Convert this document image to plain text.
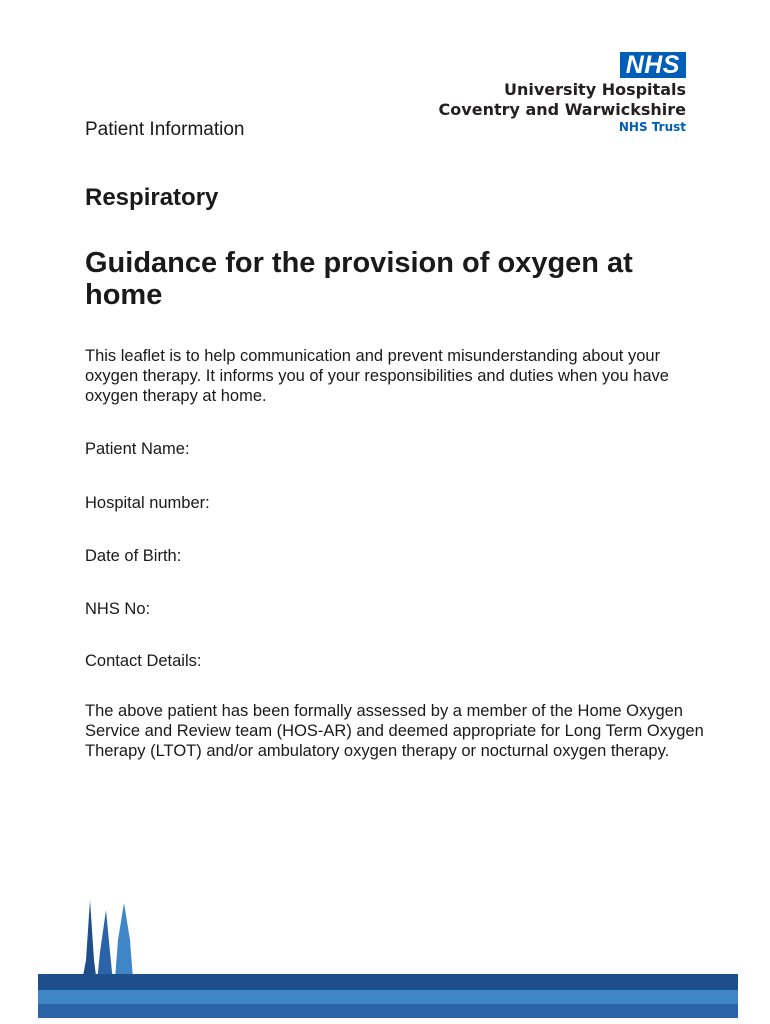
NHS
University Hospitals
Coventry and Warwickshire
NHS Trust
Patient Information
Respiratory
Guidance for the provision of oxygen at home
This leaflet is to help communication and prevent misunderstanding about your oxygen therapy. It informs you of your responsibilities and duties when you have oxygen therapy at home.
Patient Name:
Hospital number:
Date of Birth:
NHS No:
Contact Details:
The above patient has been formally assessed by a member of the Home Oxygen Service and Review team (HOS-AR) and deemed appropriate for Long Term Oxygen Therapy (LTOT) and/or ambulatory oxygen therapy or nocturnal oxygen therapy.
